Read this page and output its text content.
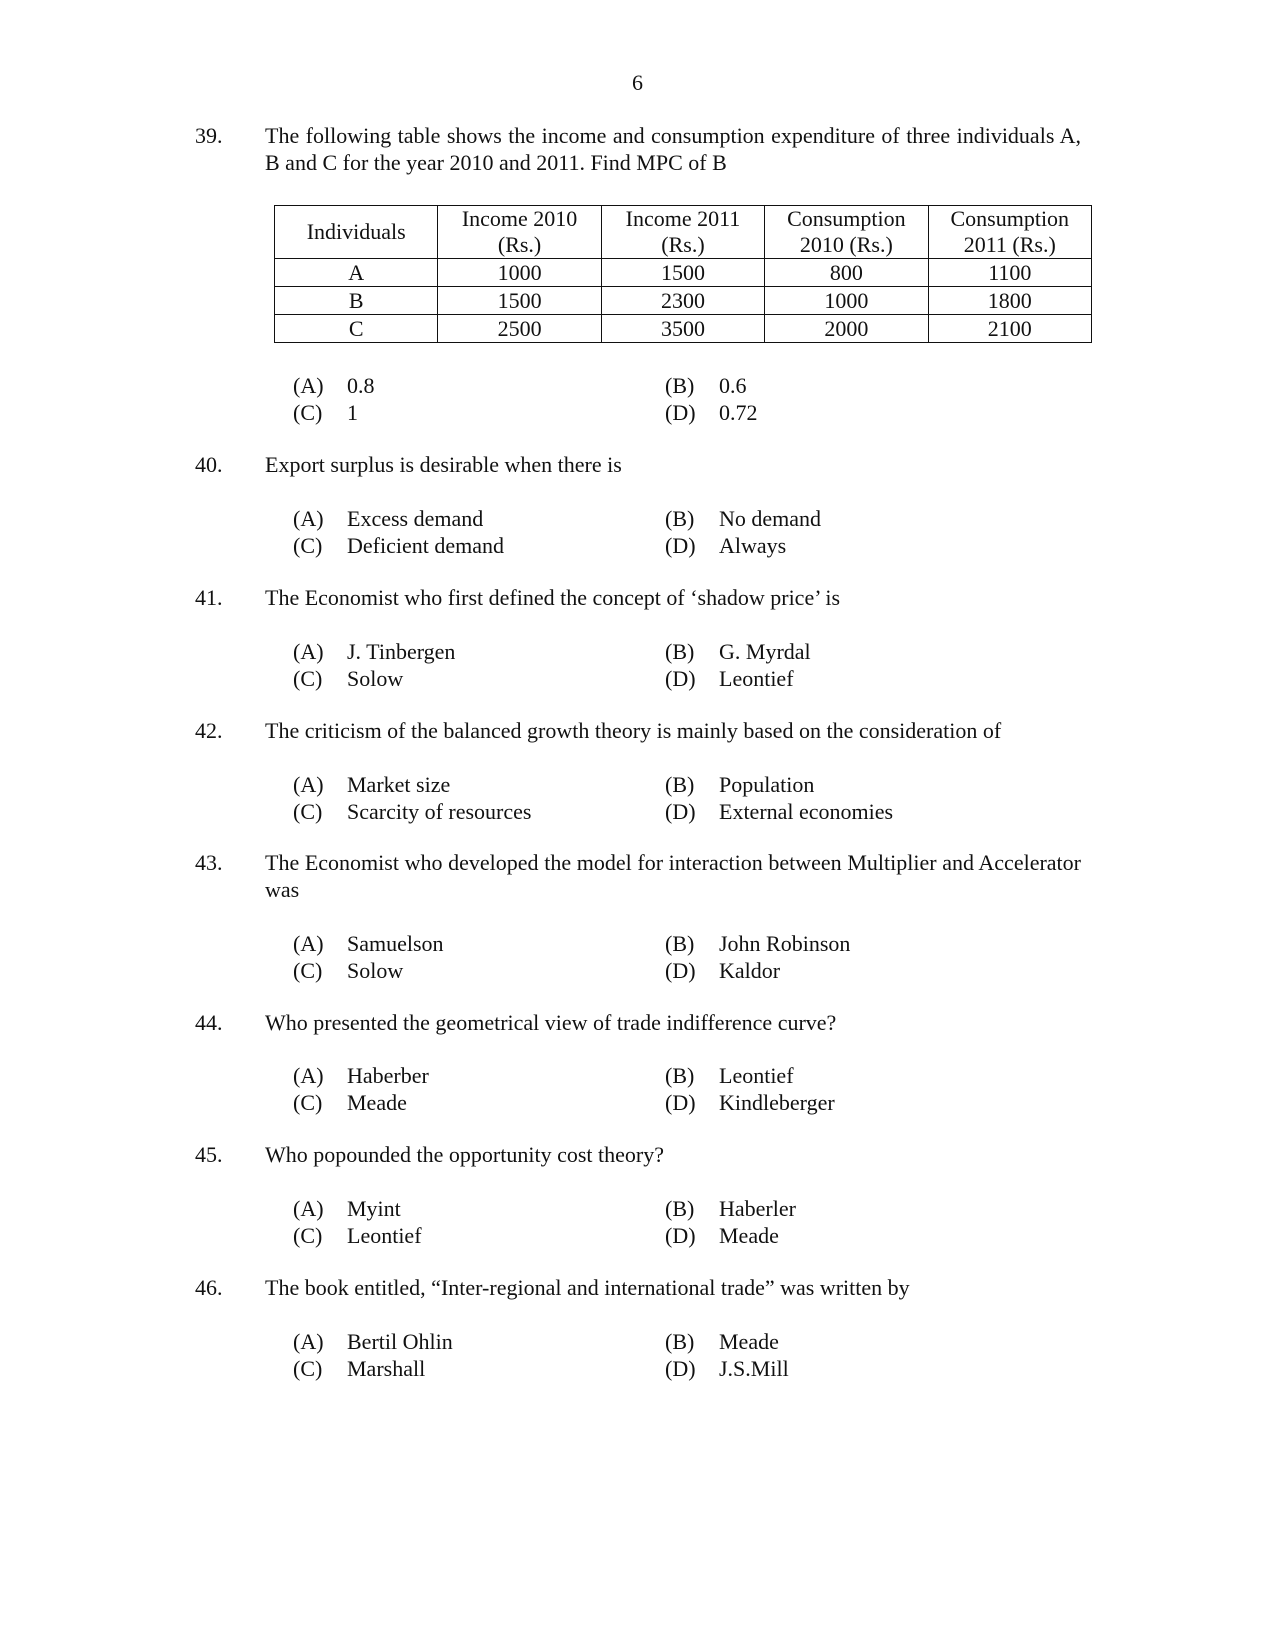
6
39. The following table shows the income and consumption expenditure of three individuals A, B and C for the year 2010 and 2011. Find MPC of B
Individuals	Income 2010 (Rs.)	Income 2011 (Rs.)	Consumption 2010 (Rs.)	Consumption 2011 (Rs.)

A	1000	1500	800	1100
B	1500	2300	1000	1800
C	2500	3500	2000	2100
(A) 0.8	(B) 0.6
(C) 1	(D) 0.72
40. Export surplus is desirable when there is
(A) Excess demand	(B) No demand
(C) Deficient demand	(D) Always
41. The Economist who first defined the concept of ‘shadow price’ is
(A) J. Tinbergen	(B) G. Myrdal
(C) Solow	(D) Leontief
42. The criticism of the balanced growth theory is mainly based on the consideration of
(A) Market size	(B) Population
(C) Scarcity of resources	(D) External economies
43. The Economist who developed the model for interaction between Multiplier and Accelerator was
(A) Samuelson	(B) John Robinson
(C) Solow	(D) Kaldor
44. Who presented the geometrical view of trade indifference curve?
(A) Haberber	(B) Leontief
(C) Meade	(D) Kindleberger
45. Who popounded the opportunity cost theory?
(A) Myint	(B) Haberler
(C) Leontief	(D) Meade
46. The book entitled, “Inter-regional and international trade” was written by
(A) Bertil Ohlin	(B) Meade
(C) Marshall	(D) J.S.Mill
